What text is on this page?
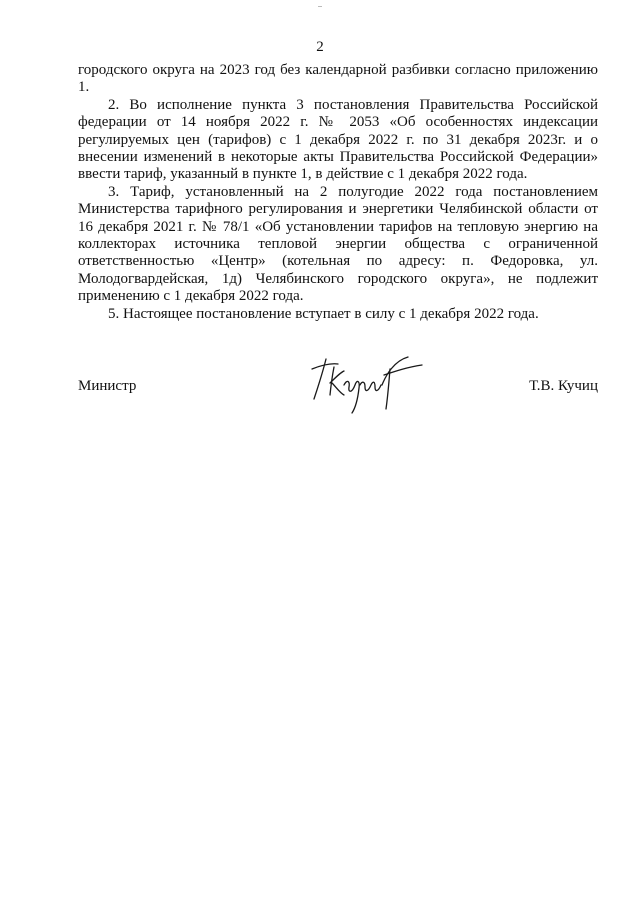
2

городского округа на 2023 год без календарной разбивки согласно приложению 1.

2. Во исполнение пункта 3 постановления Правительства Российской федерации от 14 ноября 2022 г. № 2053 «Об особенностях индексации регулируемых цен (тарифов) с 1 декабря 2022 г. по 31 декабря 2023г. и о внесении изменений в некоторые акты Правительства Российской Федерации» ввести тариф, указанный в пункте 1, в действие с 1 декабря 2022 года.

3. Тариф, установленный на 2 полугодие 2022 года постановлением Министерства тарифного регулирования и энергетики Челябинской области от 16 декабря 2021 г. № 78/1 «Об установлении тарифов на тепловую энергию на коллекторах источника тепловой энергии общества с ограниченной ответственностью «Центр» (котельная по адресу: п. Федоровка, ул. Молодогвардейская, 1д) Челябинского городского округа», не подлежит применению с 1 декабря 2022 года.

5. Настоящее постановление вступает в силу с 1 декабря 2022 года.

Министр	Т.В. Кучиц
